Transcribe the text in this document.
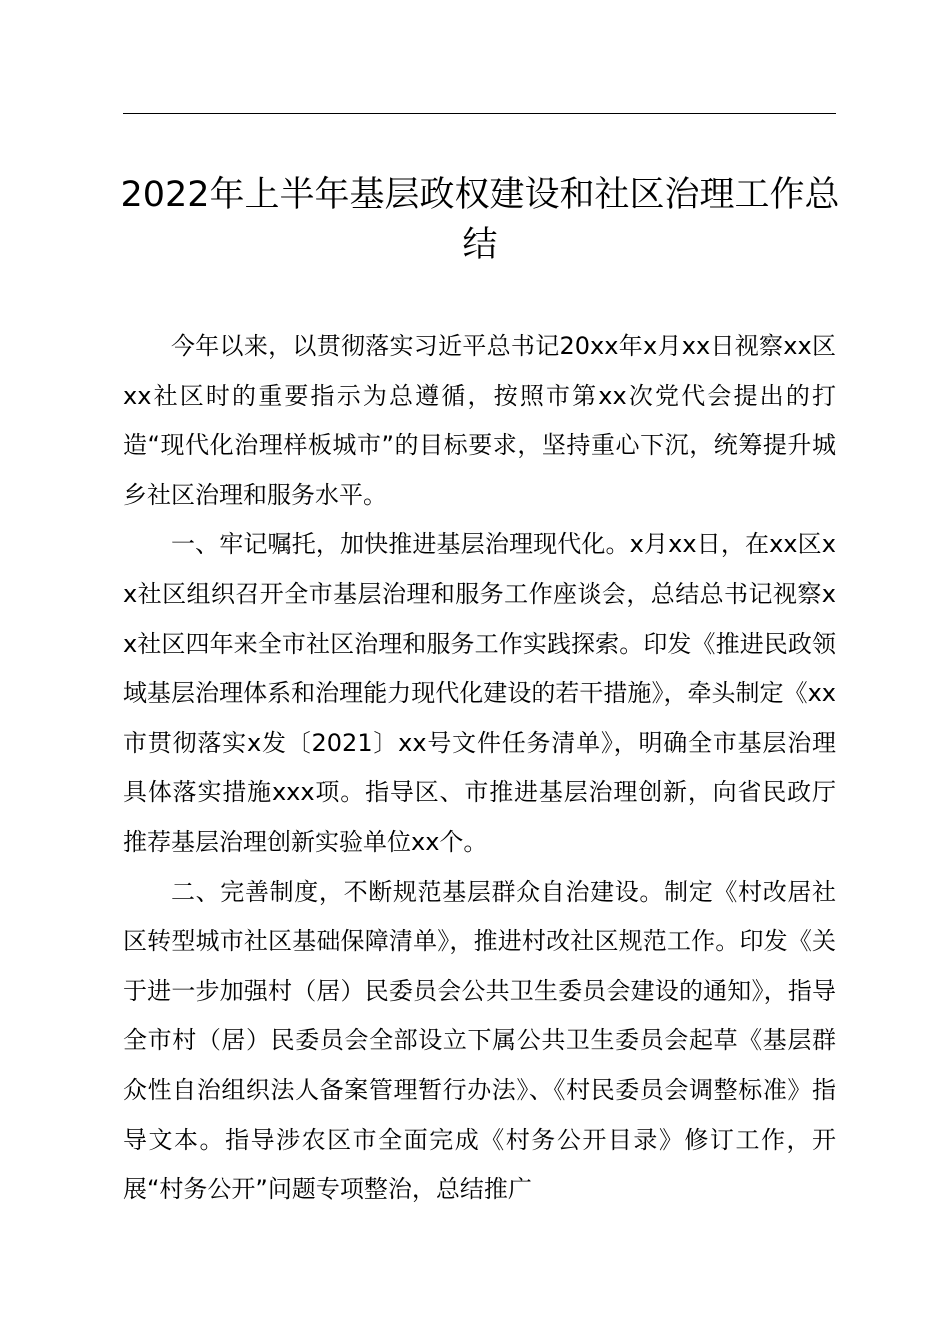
2022年上半年基层政权建设和社区治理工作总结

今年以来，以贯彻落实习近平总书记20xx年x月xx日视察xx区xx社区时的重要指示为总遵循，按照市第xx次党代会提出的打造“现代化治理样板城市”的目标要求，坚持重心下沉，统筹提升城乡社区治理和服务水平。

一、牢记嘱托，加快推进基层治理现代化。x月xx日，在xx区xx社区组织召开全市基层治理和服务工作座谈会，总结总书记视察xx社区四年来全市社区治理和服务工作实践探索。印发《推进民政领域基层治理体系和治理能力现代化建设的若干措施》，牵头制定《xx市贯彻落实x发〔2021〕xx号文件任务清单》，明确全市基层治理具体落实措施xxx项。指导区、市推进基层治理创新，向省民政厅推荐基层治理创新实验单位xx个。

二、完善制度，不断规范基层群众自治建设。制定《村改居社区转型城市社区基础保障清单》，推进村改社区规范工作。印发《关于进一步加强村（居）民委员会公共卫生委员会建设的通知》，指导全市村（居）民委员会全部设立下属公共卫生委员会起草《基层群众性自治组织法人备案管理暂行办法》、《村民委员会调整标准》指导文本。指导涉农区市全面完成《村务公开目录》修订工作，开展“村务公开”问题专项整治，总结推广
